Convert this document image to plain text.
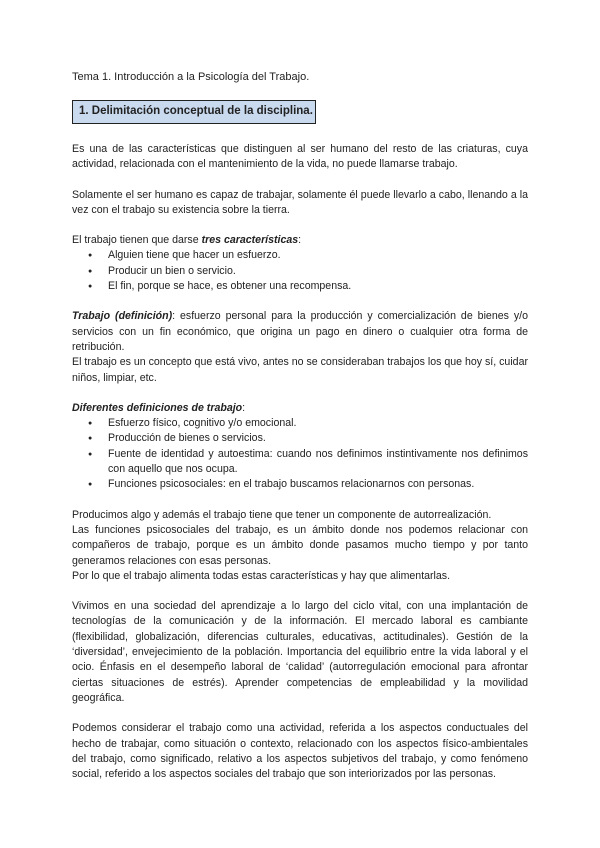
Tema 1. Introducción a la Psicología del Trabajo.

1. Delimitación conceptual de la disciplina.

Es una de las características que distinguen al ser humano del resto de las criaturas, cuya actividad, relacionada con el mantenimiento de la vida, no puede llamarse trabajo.

Solamente el ser humano es capaz de trabajar, solamente él puede llevarlo a cabo, llenando a la vez con el trabajo su existencia sobre la tierra.

El trabajo tienen que darse tres características:

● Alguien tiene que hacer un esfuerzo.
● Producir un bien o servicio.
● El fin, porque se hace, es obtener una recompensa.

Trabajo (definición): esfuerzo personal para la producción y comercialización de bienes y/o servicios con un fin económico, que origina un pago en dinero o cualquier otra forma de retribución.

El trabajo es un concepto que está vivo, antes no se consideraban trabajos los que hoy sí, cuidar niños, limpiar, etc.

Diferentes definiciones de trabajo:

● Esfuerzo físico, cognitivo y/o emocional.
● Producción de bienes o servicios.
● Fuente de identidad y autoestima: cuando nos definimos instintivamente nos definimos con aquello que nos ocupa.
● Funciones psicosociales: en el trabajo buscamos relacionarnos con personas.

Producimos algo y además el trabajo tiene que tener un componente de autorrealización.

Las funciones psicosociales del trabajo, es un ámbito donde nos podemos relacionar con compañeros de trabajo, porque es un ámbito donde pasamos mucho tiempo y por tanto generamos relaciones con esas personas.

Por lo que el trabajo alimenta todas estas características y hay que alimentarlas.

Vivimos en una sociedad del aprendizaje a lo largo del ciclo vital, con una implantación de tecnologías de la comunicación y de la información. El mercado laboral es cambiante (flexibilidad, globalización, diferencias culturales, educativas, actitudinales). Gestión de la ‘diversidad’, envejecimiento de la población. Importancia del equilibrio entre la vida laboral y el ocio. Énfasis en el desempeño laboral de ‘calidad’ (autorregulación emocional para afrontar ciertas situaciones de estrés). Aprender competencias de empleabilidad y la movilidad geográfica.

Podemos considerar el trabajo como una actividad, referida a los aspectos conductuales del hecho de trabajar, como situación o contexto, relacionado con los aspectos físico-ambientales del trabajo, como significado, relativo a los aspectos subjetivos del trabajo, y como fenómeno social, referido a los aspectos sociales del trabajo que son interiorizados por las personas.
